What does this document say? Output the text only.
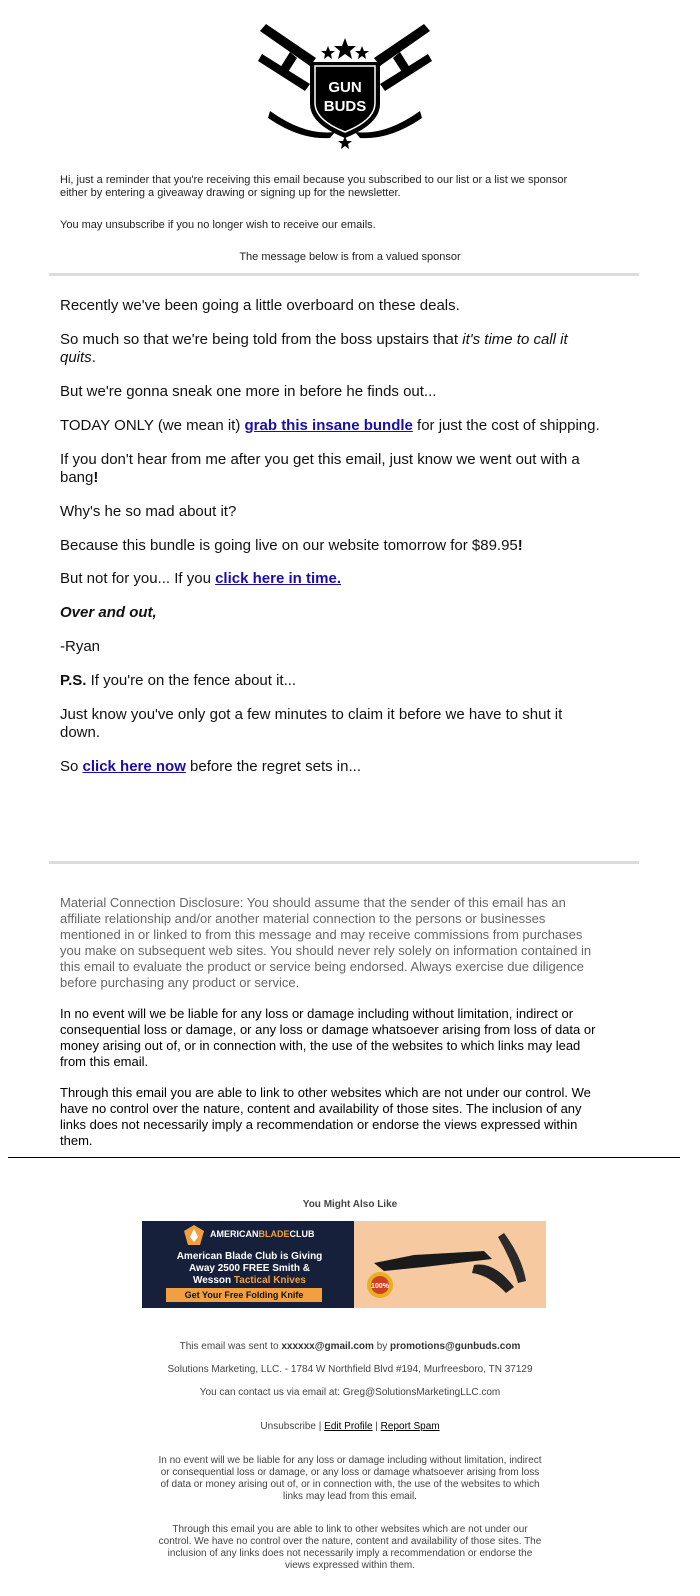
GUN
BUDS
Hi, just a reminder that you're receiving this email because you subscribed to our list or a list we sponsor
either by entering a giveaway drawing or signing up for the newsletter.
You may unsubscribe if you no longer wish to receive our emails.
The message below is from a valued sponsor

Recently we've been going a little overboard on these deals.

So much so that we're being told from the boss upstairs that it's time to call it
quits.

But we're gonna sneak one more in before he finds out...

TODAY ONLY (we mean it) grab this insane bundle for just the cost of shipping.

If you don't hear from me after you get this email, just know we went out with a
bang!

Why's he so mad about it?

Because this bundle is going live on our website tomorrow for $89.95!

But not for you... If you click here in time.

Over and out,

-Ryan

P.S. If you're on the fence about it...

Just know you've only got a few minutes to claim it before we have to shut it
down.

So click here now before the regret sets in...

Material Connection Disclosure: You should assume that the sender of this email has an
affiliate relationship and/or another material connection to the persons or businesses
mentioned in or linked to from this message and may receive commissions from purchases
you make on subsequent web sites. You should never rely solely on information contained in
this email to evaluate the product or service being endorsed. Always exercise due diligence
before purchasing any product or service.
In no event will we be liable for any loss or damage including without limitation, indirect or
consequential loss or damage, or any loss or damage whatsoever arising from loss of data or
money arising out of, or in connection with, the use of the websites to which links may lead
from this email.
Through this email you are able to link to other websites which are not under our control. We
have no control over the nature, content and availability of those sites. The inclusion of any
links does not necessarily imply a recommendation or endorse the views expressed within
them.
You Might Also Like
AMERICANBLADECLUB
American Blade Club is Giving
Away 2500 FREE Smith &
Wesson Tactical Knives
Get Your Free Folding Knife
100%
This email was sent to xxxxxx@gmail.com by promotions@gunbuds.com
Solutions Marketing, LLC. - 1784 W Northfield Blvd #194, Murfreesboro, TN 37129
You can contact us via email at: Greg@SolutionsMarketingLLC.com
Unsubscribe | Edit Profile | Report Spam
In no event will we be liable for any loss or damage including without limitation, indirect
or consequential loss or damage, or any loss or damage whatsoever arising from loss
of data or money arising out of, or in connection with, the use of the websites to which
links may lead from this email.
Through this email you are able to link to other websites which are not under our
control. We have no control over the nature, content and availability of those sites. The
inclusion of any links does not necessarily imply a recommendation or endorse the
views expressed within them.
